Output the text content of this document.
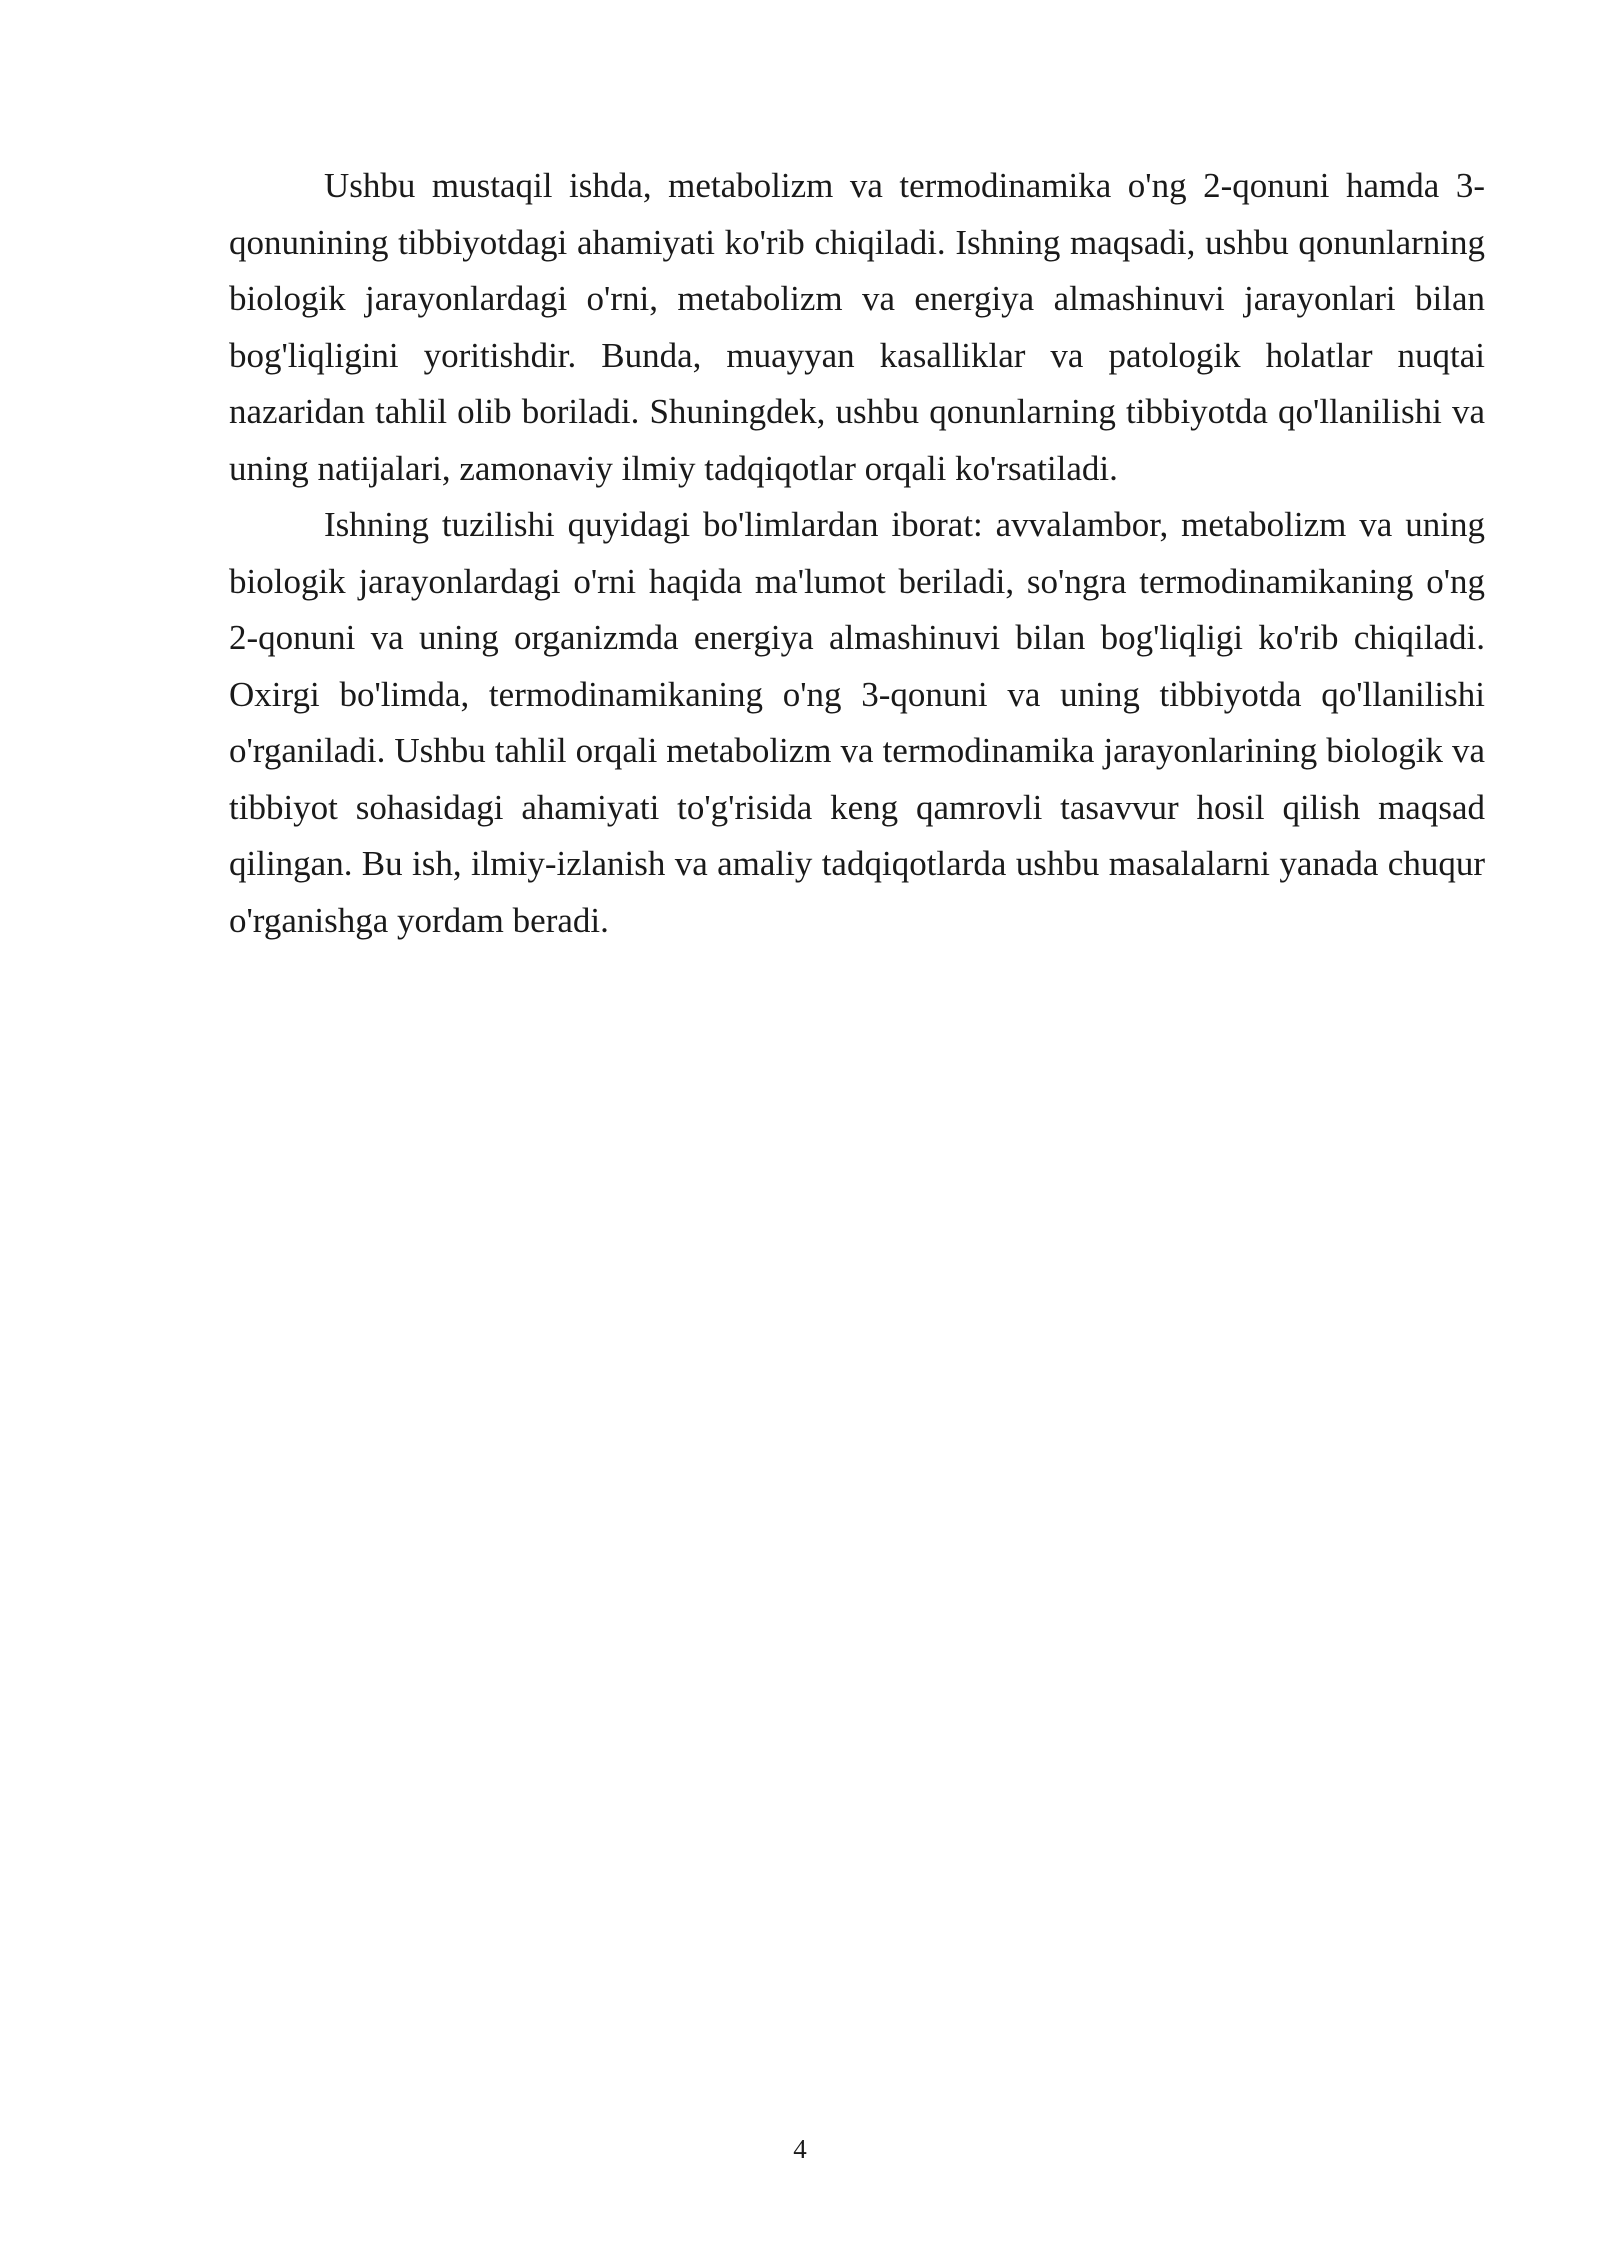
Ushbu mustaqil ishda, metabolizm va termodinamika o'ng 2-qonuni hamda 3-qonunining tibbiyotdagi ahamiyati ko'rib chiqiladi. Ishning maqsadi, ushbu qonunlarning biologik jarayonlardagi o'rni, metabolizm va energiya almashinuvi jarayonlari bilan bog'liqligini yoritishdir. Bunda, muayyan kasalliklar va patologik holatlar nuqtai nazaridan tahlil olib boriladi. Shuningdek, ushbu qonunlarning tibbiyotda qo'llanilishi va uning natijalari, zamonaviy ilmiy tadqiqotlar orqali ko'rsatiladi.

Ishning tuzilishi quyidagi bo'limlardan iborat: avvalambor, metabolizm va uning biologik jarayonlardagi o'rni haqida ma'lumot beriladi, so'ngra termodinamikaning o'ng 2-qonuni va uning organizmda energiya almashinuvi bilan bog'liqligi ko'rib chiqiladi. Oxirgi bo'limda, termodinamikaning o'ng 3-qonuni va uning tibbiyotda qo'llanilishi o'rganiladi. Ushbu tahlil orqali metabolizm va termodinamika jarayonlarining biologik va tibbiyot sohasidagi ahamiyati to'g'risida keng qamrovli tasavvur hosil qilish maqsad qilingan. Bu ish, ilmiy-izlanish va amaliy tadqiqotlarda ushbu masalalarni yanada chuqur o'rganishga yordam beradi.

4
